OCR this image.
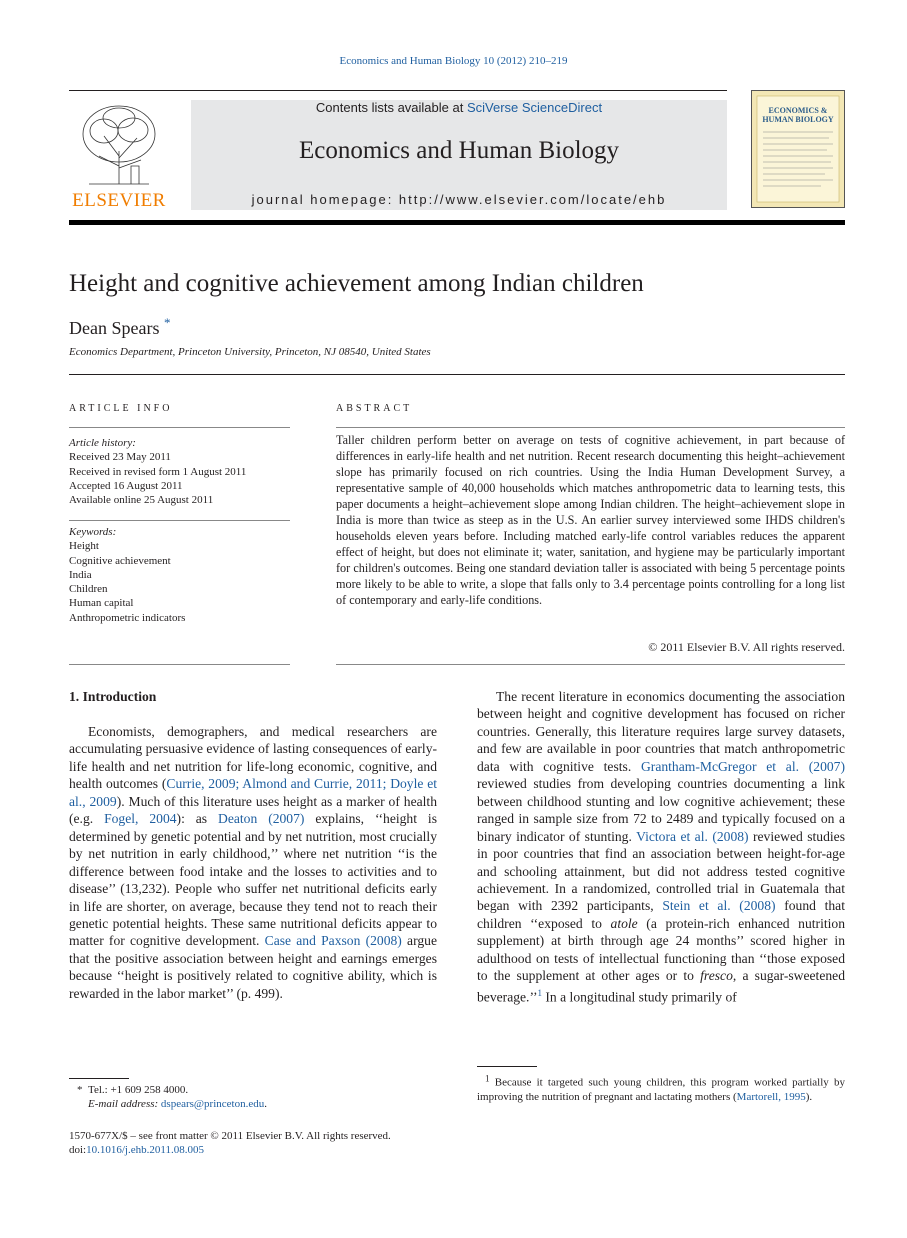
Economics and Human Biology 10 (2012) 210–219
ELSEVIER
Contents lists available at SciVerse ScienceDirect
Economics and Human Biology
journal homepage: http://www.elsevier.com/locate/ehb
ECONOMICS & HUMAN BIOLOGY
Height and cognitive achievement among Indian children
Dean Spears *
Economics Department, Princeton University, Princeton, NJ 08540, United States
ARTICLE INFO
Article history:
Received 23 May 2011
Received in revised form 1 August 2011
Accepted 16 August 2011
Available online 25 August 2011
Keywords:
Height
Cognitive achievement
India
Children
Human capital
Anthropometric indicators
ABSTRACT
Taller children perform better on average on tests of cognitive achievement, in part because of differences in early-life health and net nutrition. Recent research documenting this height–achievement slope has primarily focused on rich countries. Using the India Human Development Survey, a representative sample of 40,000 households which matches anthropometric data to learning tests, this paper documents a height–achievement slope among Indian children. The height–achievement slope in India is more than twice as steep as in the U.S. An earlier survey interviewed some IHDS children's households eleven years before. Including matched early-life control variables reduces the apparent effect of height, but does not eliminate it; water, sanitation, and hygiene may be particularly important for children's outcomes. Being one standard deviation taller is associated with being 5 percentage points more likely to be able to write, a slope that falls only to 3.4 percentage points controlling for a long list of contemporary and early-life conditions.
© 2011 Elsevier B.V. All rights reserved.
1. Introduction

Economists, demographers, and medical researchers are accumulating persuasive evidence of lasting consequences of early-life health and net nutrition for life-long economic, cognitive, and health outcomes (Currie, 2009; Almond and Currie, 2011; Doyle et al., 2009). Much of this literature uses height as a marker of health (e.g. Fogel, 2004): as Deaton (2007) explains, ‘‘height is determined by genetic potential and by net nutrition, most crucially by net nutrition in early childhood,’’ where net nutrition ‘‘is the difference between food intake and the losses to activities and to disease’’ (13,232). People who suffer net nutritional deficits early in life are shorter, on average, because they tend not to reach their genetic potential heights. These same nutritional deficits appear to matter for cognitive development. Case and Paxson (2008) argue that the positive association between height and earnings emerges because ‘‘height is positively related to cognitive ability, which is rewarded in the labor market’’ (p. 499).

The recent literature in economics documenting the association between height and cognitive development has focused on richer countries. Generally, this literature requires large survey datasets, and few are available in poor countries that match anthropometric data with cognitive tests. Grantham-McGregor et al. (2007) reviewed studies from developing countries documenting a link between childhood stunting and low cognitive achievement; these ranged in sample size from 72 to 2489 and typically focused on a binary indicator of stunting. Victora et al. (2008) reviewed studies in poor countries that find an association between height-for-age and schooling attainment, but did not address tested cognitive achievement. In a randomized, controlled trial in Guatemala that began with 2392 participants, Stein et al. (2008) found that children ‘‘exposed to atole (a protein-rich enhanced nutrition supplement) at birth through age 24 months’’ scored higher in adulthood on tests of intellectual functioning than ‘‘those exposed to the supplement at other ages or to fresco, a sugar-sweetened beverage.’’$^1$ In a longitudinal study primarily of

* Tel.: +1 609 258 4000.
E-mail address: dspears@princeton.edu.
1570-677X/$ – see front matter © 2011 Elsevier B.V. All rights reserved.
doi:10.1016/j.ehb.2011.08.005
$^1$ Because it targeted such young children, this program worked partially by improving the nutrition of pregnant and lactating mothers (Martorell, 1995).
